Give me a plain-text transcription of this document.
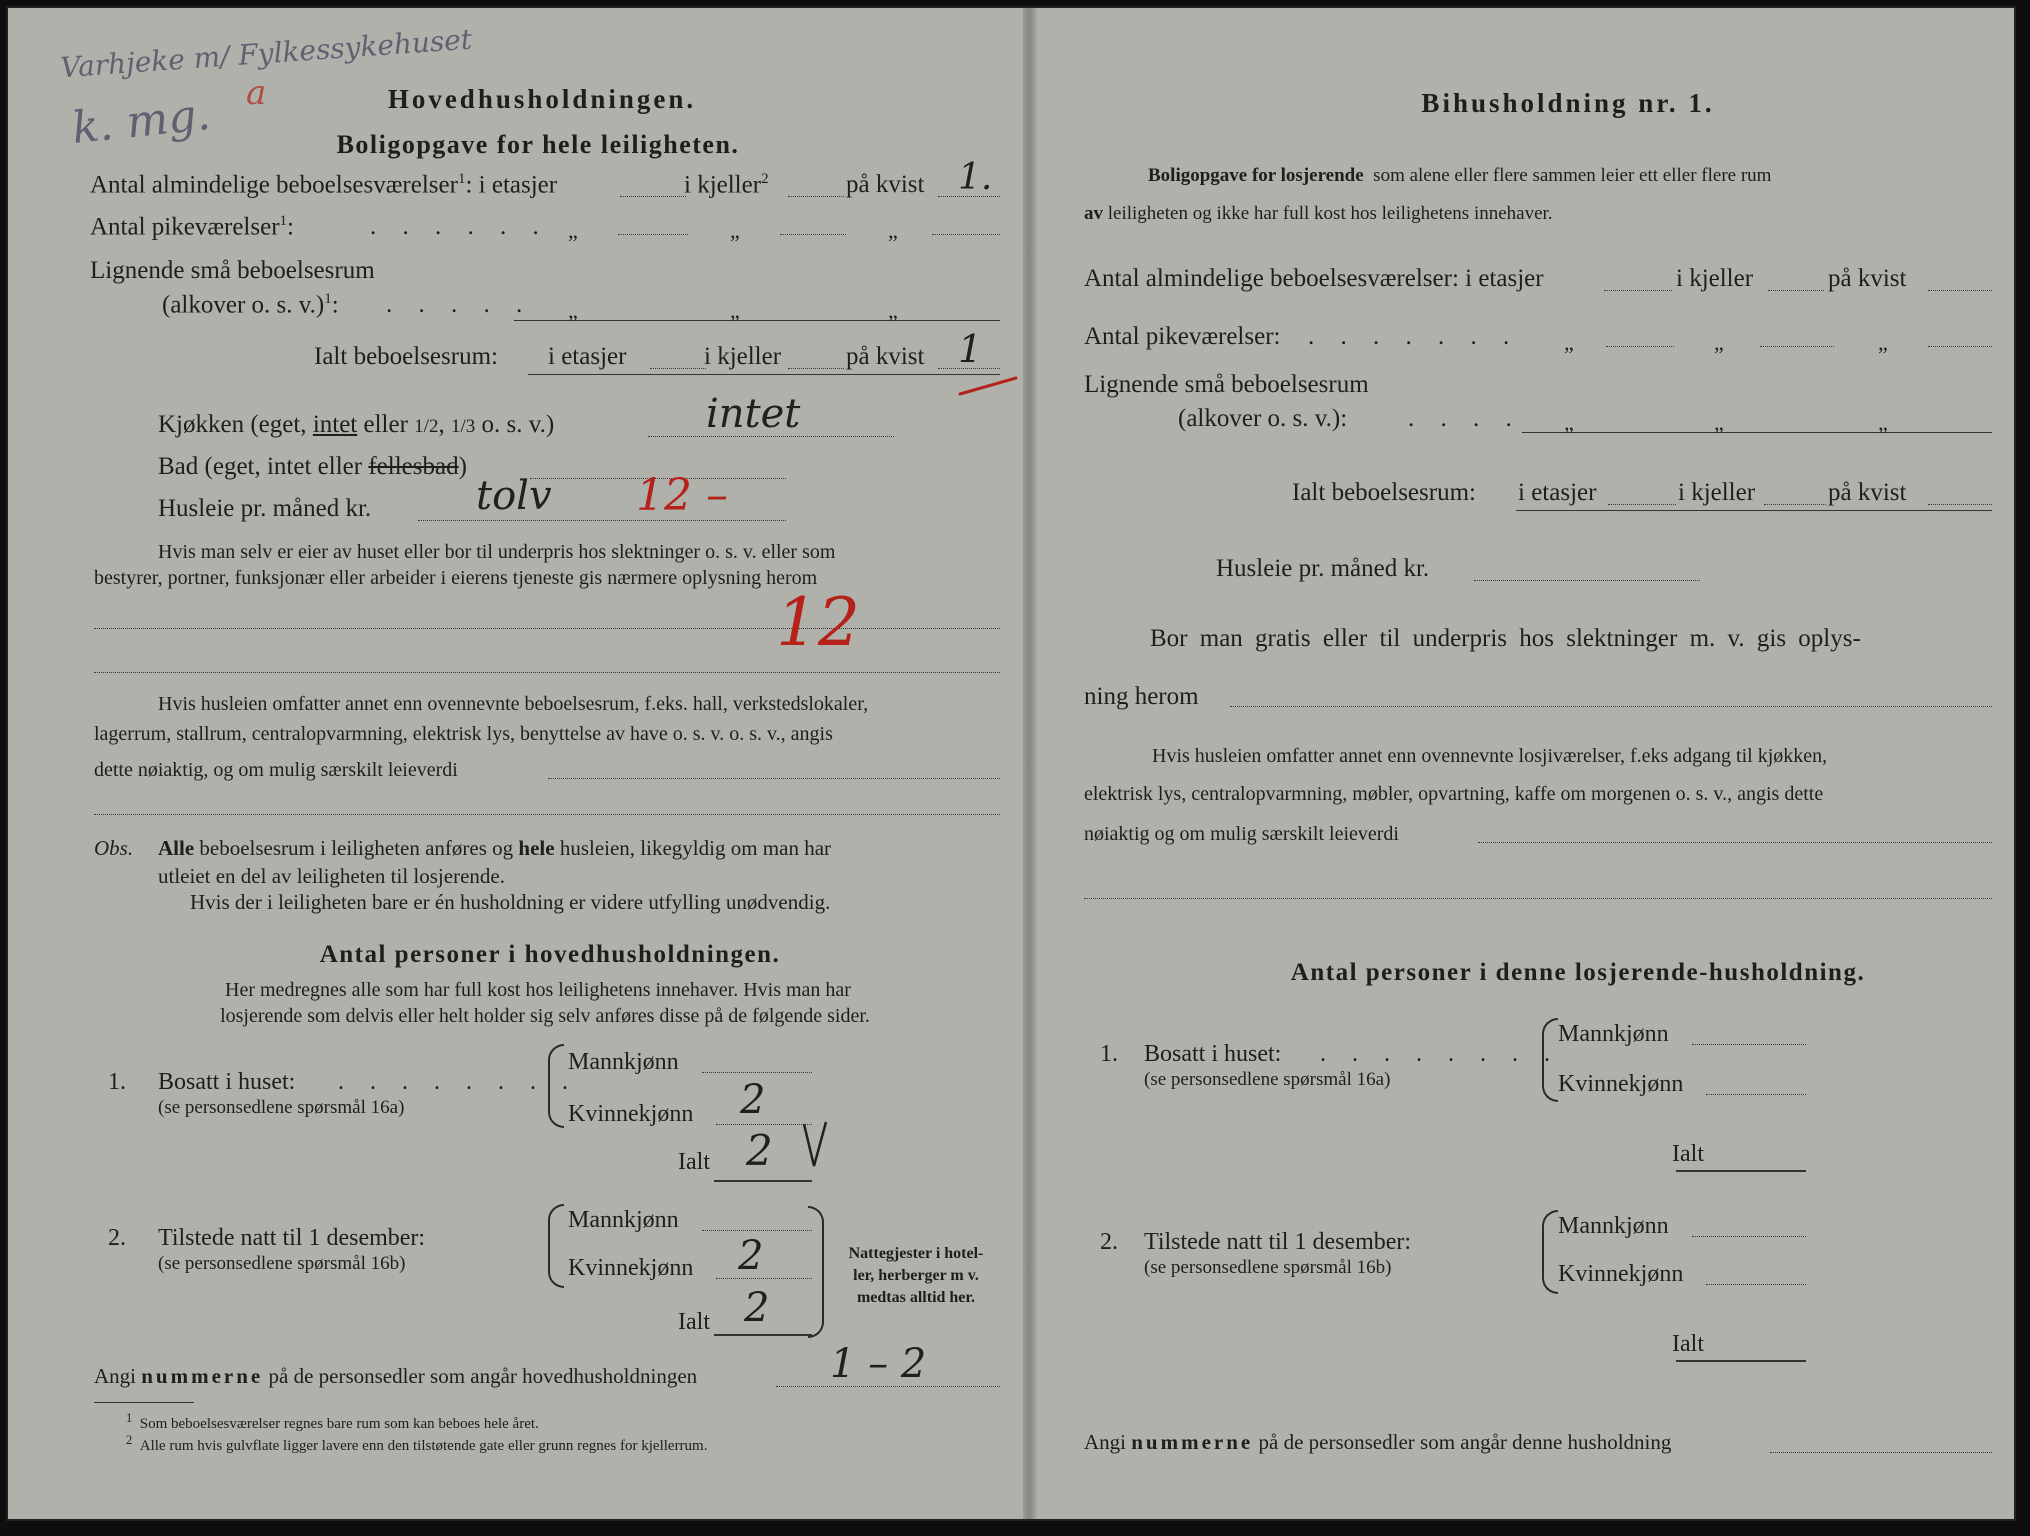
Varhjeke m/ Fylkessykehuset
k. mg. a	Hovedhusholdningen.
Boligopgave for hele leiligheten.
Antal almindelige beboelsesværelser$^1$: i etasjer	i kjeller$^2$	på kvist 1.
Antal pikeværelser$^1$:	. . . . . . „	„	„
Lignende små beboelsesrum
(alkover o. s. v.)$^1$: . . . . . „	„	„
Ialt beboelsesrum: i etasjer	i kjeller	på kvist 1
Kjøkken (eget, intet eller 1/2, 1/3 o. s. v.)	intet
Bad (eget, intet eller fellesbad)
Husleie pr. måned kr.	tolv 12 –
Hvis man selv er eier av huset eller bor til underpris hos slektninger o. s. v. eller som
bestyrer, portner, funksjonær eller arbeider i eierens tjeneste gis nærmere oplysning herom
12
Hvis husleien omfatter annet enn ovennevnte beboelsesrum, f.eks. hall, verkstedslokaler,
lagerrum, stallrum, centralopvarmning, elektrisk lys, benyttelse av have o. s. v. o. s. v., angis
dette nøiaktig, og om mulig særskilt leieverdi
Obs. Alle beboelsesrum i leiligheten anføres og hele husleien, likegyldig om man har
utleiet en del av leiligheten til losjerende.
Hvis der i leiligheten bare er én husholdning er videre utfylling unødvendig.
Antal personer i hovedhusholdningen.
Her medregnes alle som har full kost hos leilighetens innehaver. Hvis man har
losjerende som delvis eller helt holder sig selv anføres disse på de følgende sider.
1. Bosatt i huset: . . . . . . . .
(se personsedlene spørsmål 16a)
Mannkjønn
Kvinnekjønn 2
Ialt 2
2. Tilstede natt til 1 desember:
(se personsedlene spørsmål 16b)
Mannkjønn
Kvinnekjønn 2
Ialt 2
Nattegjester i hotel-
ler, herberger m v.
medtas alltid her.
Angi nummerne på de personsedler som angår hovedhusholdningen	1 – 2
$^1$ Som beboelsesværelser regnes bare rum som kan beboes hele året.
$^2$ Alle rum hvis gulvflate ligger lavere enn den tilstøtende gate eller grunn regnes for kjellerrum.
Bihusholdning nr. 1.
Boligopgave for losjerende som alene eller flere sammen leier ett eller flere rum
av leiligheten og ikke har full kost hos leilighetens innehaver.
Antal almindelige beboelsesværelser: i etasjer	i kjeller	på kvist
Antal pikeværelser: . . . . . . . „	„	„
Lignende små beboelsesrum
(alkover o. s. v.): . . . . „	„	„
Ialt beboelsesrum: i etasjer	i kjeller	på kvist
Husleie pr. måned kr.
Bor man gratis eller til underpris hos slektninger m. v. gis oplys-
ning herom
Hvis husleien omfatter annet enn ovennevnte losjiværelser, f.eks adgang til kjøkken,
elektrisk lys, centralopvarmning, møbler, opvartning, kaffe om morgenen o. s. v., angis dette
nøiaktig og om mulig særskilt leieverdi
Antal personer i denne losjerende-husholdning.
1. Bosatt i huset: . . . . . . . .
(se personsedlene spørsmål 16a)
Mannkjønn
Kvinnekjønn
Ialt
2. Tilstede natt til 1 desember:
(se personsedlene spørsmål 16b)
Mannkjønn
Kvinnekjønn
Ialt
Angi nummerne på de personsedler som angår denne husholdning
